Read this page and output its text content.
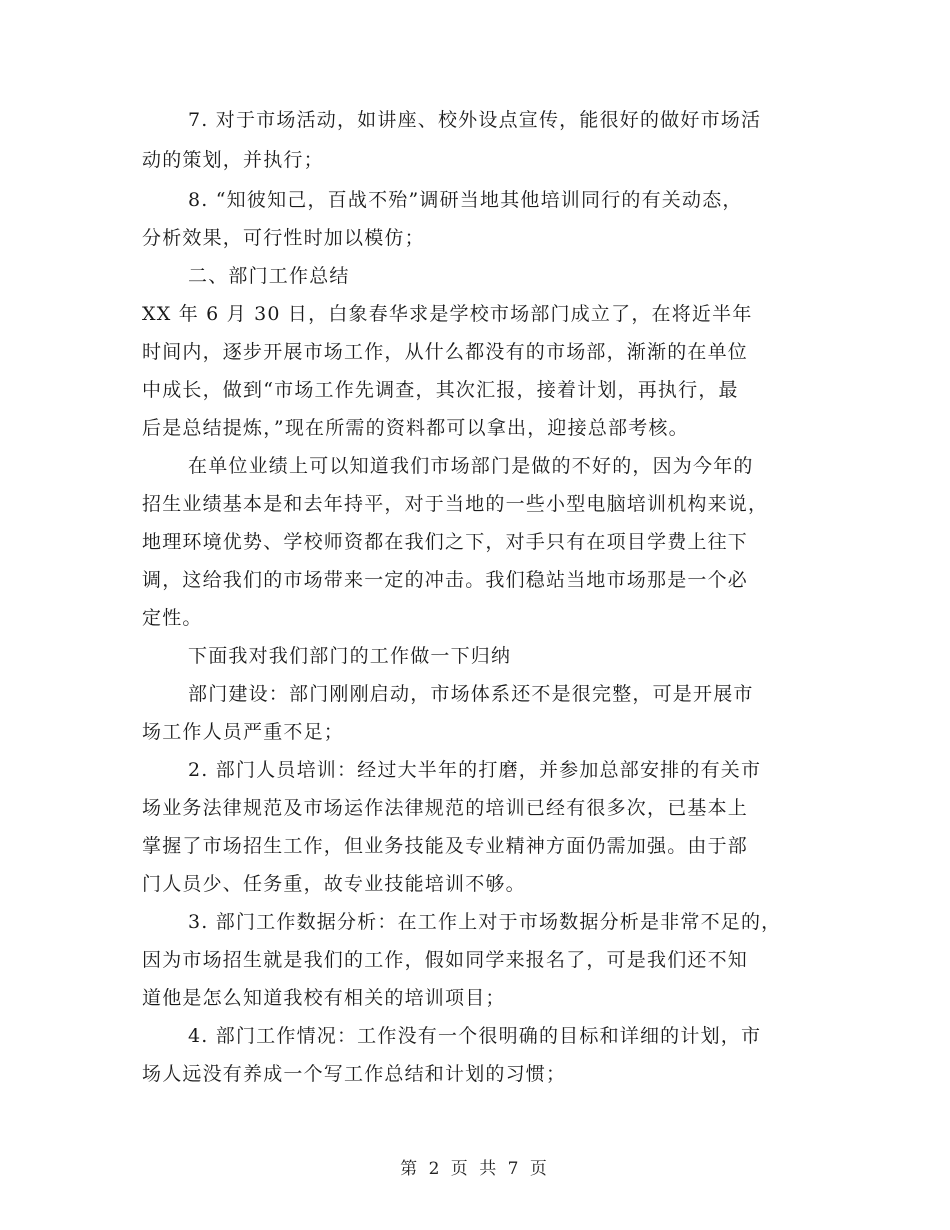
7. 对于市场活动，如讲座、校外设点宣传，能很好的做好市场活
动的策划，并执行；
8. “知彼知己，百战不殆”调研当地其他培训同行的有关动态，
分析效果，可行性时加以模仿；
二、部门工作总结
XX 年 6 月 30 日，白象春华求是学校市场部门成立了，在将近半年
时间内，逐步开展市场工作，从什么都没有的市场部，渐渐的在单位
中成长，做到“市场工作先调查，其次汇报，接着计划，再执行，最
后是总结提炼，”现在所需的资料都可以拿出，迎接总部考核。
在单位业绩上可以知道我们市场部门是做的不好的，因为今年的
招生业绩基本是和去年持平，对于当地的一些小型电脑培训机构来说，
地理环境优势、学校师资都在我们之下，对手只有在项目学费上往下
调，这给我们的市场带来一定的冲击。我们稳站当地市场那是一个必
定性。
下面我对我们部门的工作做一下归纳
部门建设：部门刚刚启动，市场体系还不是很完整，可是开展市
场工作人员严重不足；
2. 部门人员培训：经过大半年的打磨，并参加总部安排的有关市
场业务法律规范及市场运作法律规范的培训已经有很多次，已基本上
掌握了市场招生工作，但业务技能及专业精神方面仍需加强。由于部
门人员少、任务重，故专业技能培训不够。
3. 部门工作数据分析：在工作上对于市场数据分析是非常不足的，
因为市场招生就是我们的工作，假如同学来报名了，可是我们还不知
道他是怎么知道我校有相关的培训项目；
4. 部门工作情况：工作没有一个很明确的目标和详细的计划，市
场人远没有养成一个写工作总结和计划的习惯；
第 2 页 共 7 页
